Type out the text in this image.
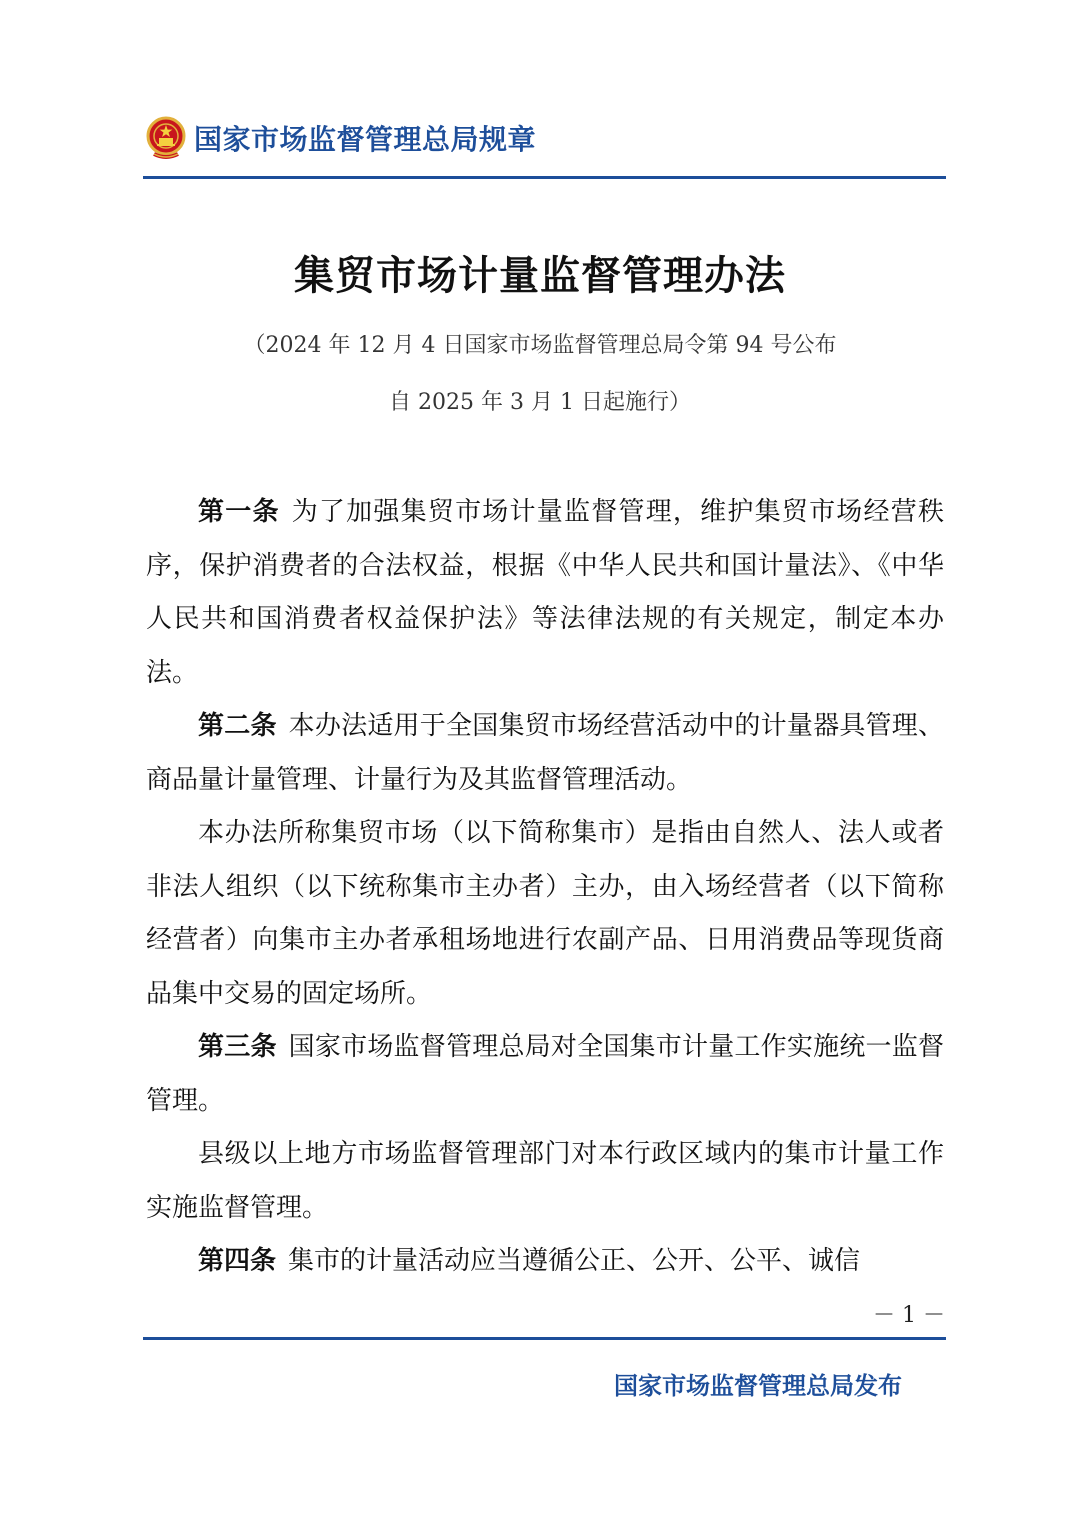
国家市场监督管理总局规章
集贸市场计量监督管理办法
（2024 年 12 月 4 日国家市场监督管理总局令第 94 号公布
自 2025 年 3 月 1 日起施行）

第一条 为了加强集贸市场计量监督管理，维护集贸市场经营秩序，保护消费者的合法权益，根据《中华人民共和国计量法》、《中华人民共和国消费者权益保护法》等法律法规的有关规定，制定本办法。

第二条 本办法适用于全国集贸市场经营活动中的计量器具管理、商品量计量管理、计量行为及其监督管理活动。

本办法所称集贸市场（以下简称集市）是指由自然人、法人或者非法人组织（以下统称集市主办者）主办，由入场经营者（以下简称经营者）向集市主办者承租场地进行农副产品、日用消费品等现货商品集中交易的固定场所。

第三条 国家市场监督管理总局对全国集市计量工作实施统一监督管理。

县级以上地方市场监督管理部门对本行政区域内的集市计量工作实施监督管理。

第四条 集市的计量活动应当遵循公正、公开、公平、诚信

－ 1 －
国家市场监督管理总局发布
